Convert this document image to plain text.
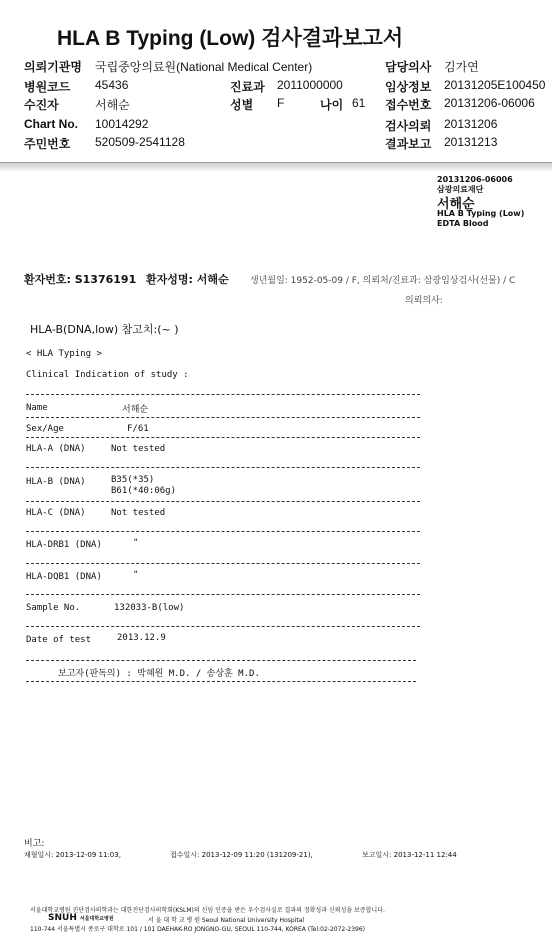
HLA B Typing (Low) 검사결과보고서
의뢰기관명 국립중앙의료원(National Medical Center)	담당의사 김가연
병원코드 45436	진료과 2011000000	임상정보 20131205E100450
수진자	서해순	성별 F	나이 61 접수번호 20131206-06006
Chart No. 10014292	검사의뢰 20131206
주민번호 520509-2541128	결과보고 20131213
20131206-06006
삼광의료재단
서해순
HLA B Typing (Low)
EDTA Blood
환자번호: S1376191 환자성명: 서해순 생년월일: 1952-05-09 / F, 의뢰처/진료과: 삼광임상검사(선물) / C
의뢰의사:
HLA-B(DNA,low) 참고치:(~ )
< HLA Typing >
Clinical Indication of study :
Name	서해순
Sex/Age	F/61
HLA-A (DNA)	Not tested
HLA-B (DNA)	B35(*35)
B61(*40:06g)
HLA-C (DNA)	Not tested
HLA-DRB1 (DNA)	"
HLA-DQB1 (DNA)	"
Sample No.	132033-B(low)
Date of test	2013.12.9
보고자(판독의) : 박혜원 M.D. / 송상훈 M.D.
비고:
채혈일시: 2013-12-09 11:03,	접수일시: 2013-12-09 11:20 (131209-21),	보고일시: 2013-12-11 12:44
서울대학교병원 진단검사의학과는 대한진단검사의학회(KSLM)의 신임 인증을 받은 우수검사실로 결과의 정확성과 신뢰성을 보증합니다.
SNUH 서울대학교병원	서 울 대 학 교 병 원 Seoul National University Hospital
110-744 서울특별시 종로구 대학로 101 / 101 DAEHAK-RO JONGNO-GU, SEOUL 110-744, KOREA (Tel:02-2072-2396)
